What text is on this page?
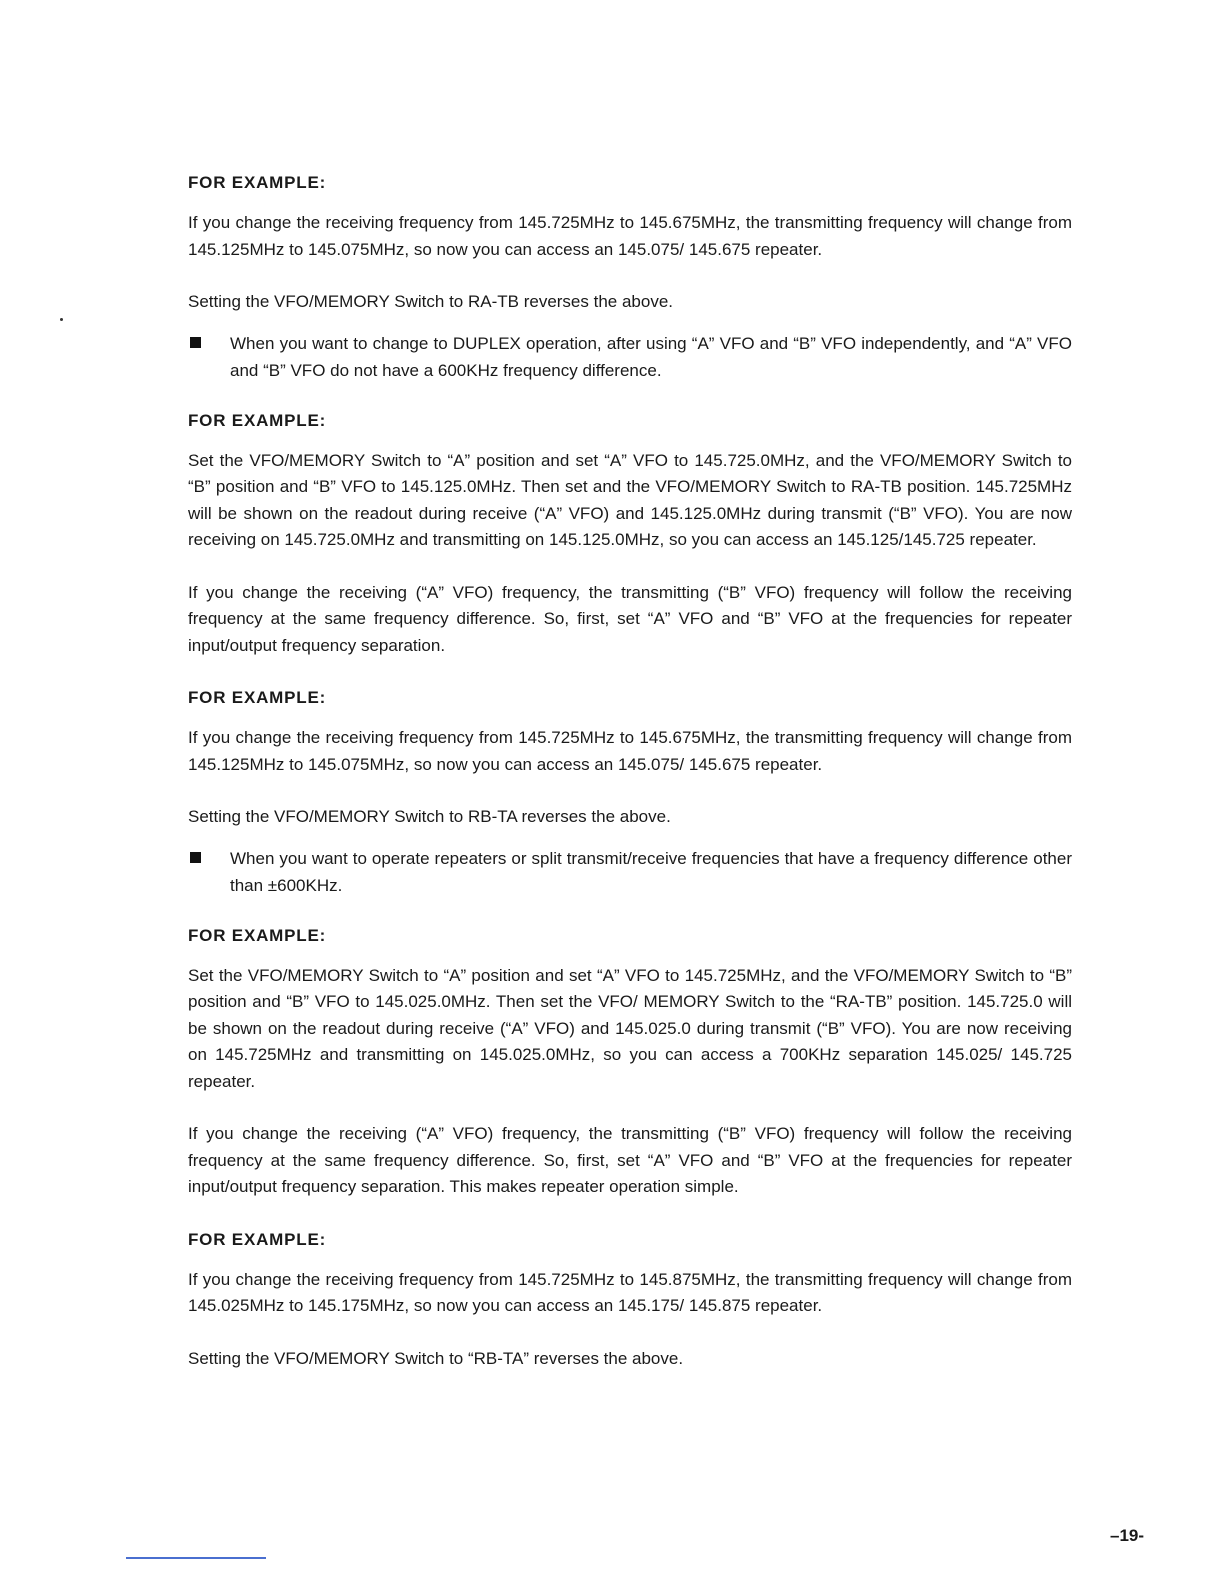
FOR EXAMPLE:
If you change the receiving frequency from 145.725MHz to 145.675MHz, the transmitting frequency will change from 145.125MHz to 145.075MHz, so now you can access an 145.075/ 145.675 repeater.
Setting the VFO/MEMORY Switch to RA-TB reverses the above.
When you want to change to DUPLEX operation, after using “A” VFO and “B” VFO independently, and “A” VFO and “B” VFO do not have a 600KHz frequency difference.
FOR EXAMPLE:
Set the VFO/MEMORY Switch to “A” position and set “A” VFO to 145.725.0MHz, and the VFO/MEMORY Switch to “B” position and “B” VFO to 145.125.0MHz. Then set and the VFO/MEMORY Switch to RA-TB position. 145.725MHz will be shown on the readout during receive (“A” VFO) and 145.125.0MHz during transmit (“B” VFO). You are now receiving on 145.725.0MHz and transmitting on 145.125.0MHz, so you can access an 145.125/145.725 repeater.
If you change the receiving (“A” VFO) frequency, the transmitting (“B” VFO) frequency will follow the receiving frequency at the same frequency difference. So, first, set “A” VFO and “B” VFO at the frequencies for repeater input/output frequency separation.
FOR EXAMPLE:
If you change the receiving frequency from 145.725MHz to 145.675MHz, the transmitting frequency will change from 145.125MHz to 145.075MHz, so now you can access an 145.075/ 145.675 repeater.
Setting the VFO/MEMORY Switch to RB-TA reverses the above.
When you want to operate repeaters or split transmit/receive frequencies that have a frequency difference other than ±600KHz.
FOR EXAMPLE:
Set the VFO/MEMORY Switch to “A” position and set “A” VFO to 145.725MHz, and the VFO/MEMORY Switch to “B” position and “B” VFO to 145.025.0MHz. Then set the VFO/ MEMORY Switch to the “RA-TB” position. 145.725.0 will be shown on the readout during receive (“A” VFO) and 145.025.0 during transmit (“B” VFO). You are now receiving on 145.725MHz and transmitting on 145.025.0MHz, so you can access a 700KHz separation 145.025/ 145.725 repeater.
If you change the receiving (“A” VFO) frequency, the transmitting (“B” VFO) frequency will follow the receiving frequency at the same frequency difference. So, first, set “A” VFO and “B” VFO at the frequencies for repeater input/output frequency separation. This makes repeater operation simple.
FOR EXAMPLE:
If you change the receiving frequency from 145.725MHz to 145.875MHz, the transmitting frequency will change from 145.025MHz to 145.175MHz, so now you can access an 145.175/ 145.875 repeater.
Setting the VFO/MEMORY Switch to “RB-TA” reverses the above.
–19-
